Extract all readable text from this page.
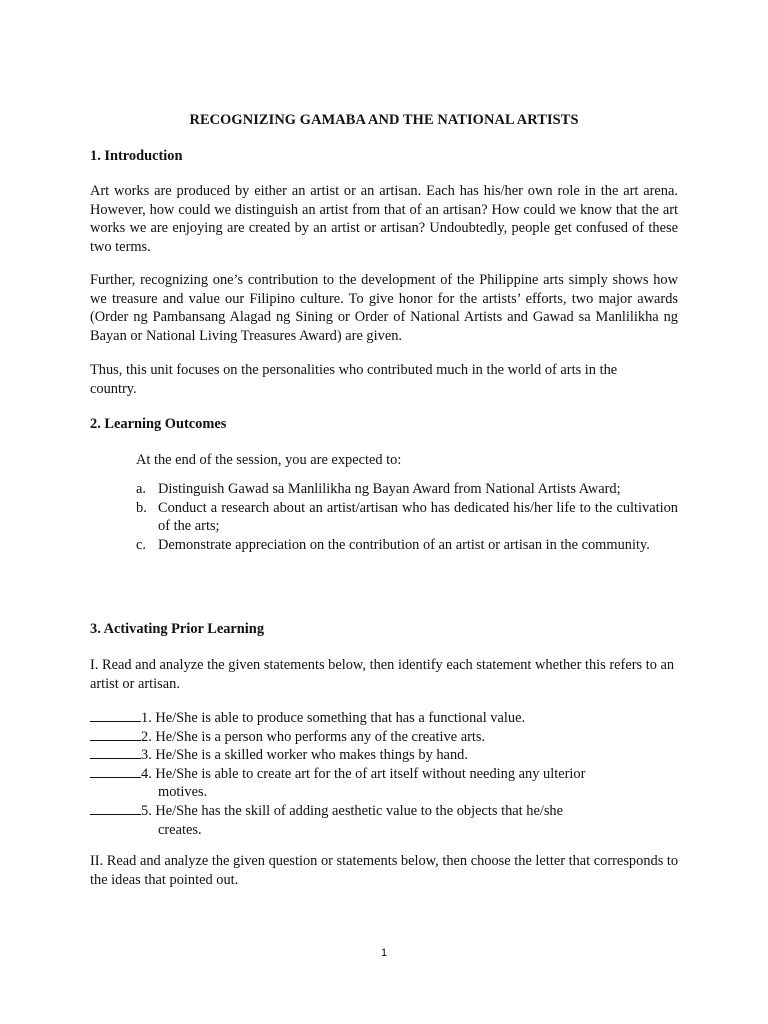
RECOGNIZING GAMABA AND THE NATIONAL ARTISTS
1. Introduction

Art works are produced by either an artist or an artisan. Each has his/her own role in the art arena. However, how could we distinguish an artist from that of an artisan? How could we know that the art works we are enjoying are created by an artist or artisan? Undoubtedly, people get confused of these two terms.

Further, recognizing one’s contribution to the development of the Philippine arts simply shows how we treasure and value our Filipino culture. To give honor for the artists’ efforts, two major awards (Order ng Pambansang Alagad ng Sining or Order of National Artists and Gawad sa Manlilikha ng Bayan or National Living Treasures Award) are given.

Thus, this unit focuses on the personalities who contributed much in the world of arts in the country.

2. Learning Outcomes

At the end of the session, you are expected to:

a. Distinguish Gawad sa Manlilikha ng Bayan Award from National Artists Award;
b. Conduct a research about an artist/artisan who has dedicated his/her life to the cultivation of the arts;
c. Demonstrate appreciation on the contribution of an artist or artisan in the community.
3. Activating Prior Learning

I. Read and analyze the given statements below, then identify each statement whether this refers to an artist or artisan.

1. He/She is able to produce something that has a functional value.
2. He/She is a person who performs any of the creative arts.
3. He/She is a skilled worker who makes things by hand.
4. He/She is able to create art for the of art itself without needing any ulterior
motives.
5. He/She has the skill of adding aesthetic value to the objects that he/she
creates.

II. Read and analyze the given question or statements below, then choose the letter that corresponds to the ideas that pointed out.

1
